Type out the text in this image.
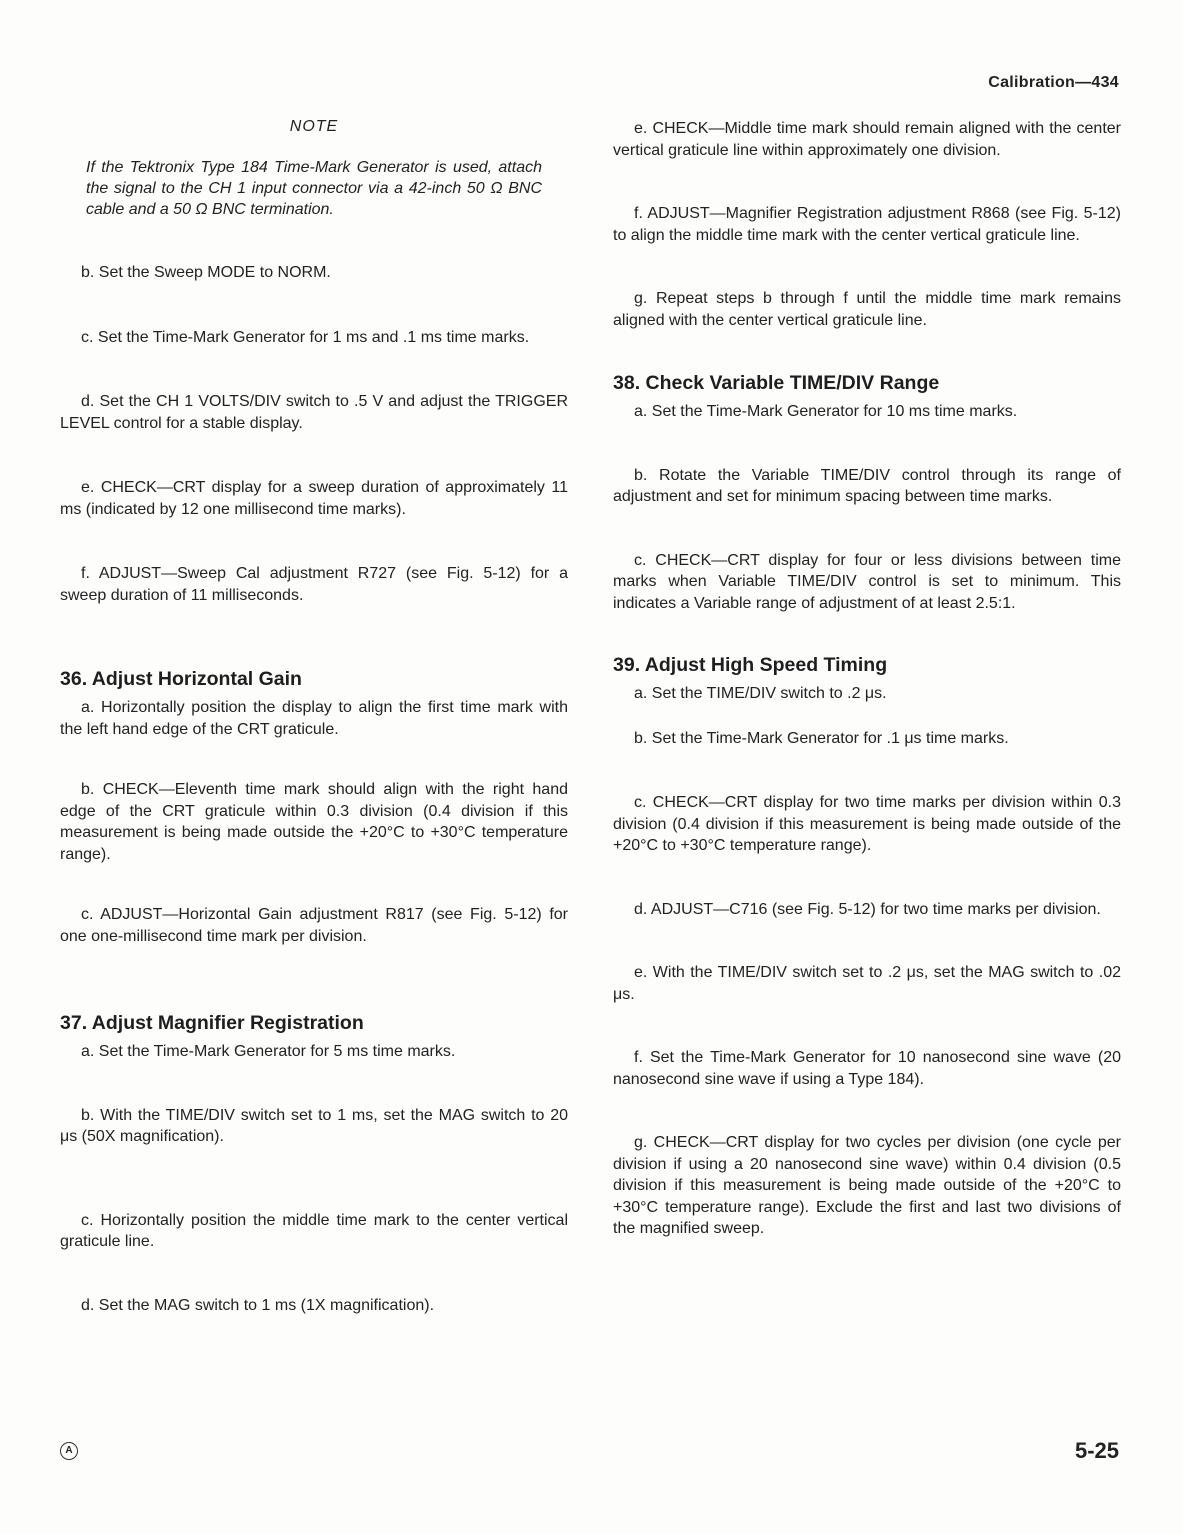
Calibration—434
NOTE

If the Tektronix Type 184 Time-Mark Generator is used, attach the signal to the CH 1 input connector via a 42-inch 50 Ω BNC cable and a 50 Ω BNC termination.

b. Set the Sweep MODE to NORM.

c. Set the Time-Mark Generator for 1 ms and .1 ms time marks.

d. Set the CH 1 VOLTS/DIV switch to .5 V and adjust the TRIGGER LEVEL control for a stable display.

e. CHECK—CRT display for a sweep duration of approximately 11 ms (indicated by 12 one millisecond time marks).

f. ADJUST—Sweep Cal adjustment R727 (see Fig. 5-12) for a sweep duration of 11 milliseconds.

36. Adjust Horizontal Gain

a. Horizontally position the display to align the first time mark with the left hand edge of the CRT graticule.

b. CHECK—Eleventh time mark should align with the right hand edge of the CRT graticule within 0.3 division (0.4 division if this measurement is being made outside the +20°C to +30°C temperature range).

c. ADJUST—Horizontal Gain adjustment R817 (see Fig. 5-12) for one one-millisecond time mark per division.

37. Adjust Magnifier Registration

a. Set the Time-Mark Generator for 5 ms time marks.

b. With the TIME/DIV switch set to 1 ms, set the MAG switch to 20 μs (50X magnification).

c. Horizontally position the middle time mark to the center vertical graticule line.

d. Set the MAG switch to 1 ms (1X magnification).

e. CHECK—Middle time mark should remain aligned with the center vertical graticule line within approximately one division.

f. ADJUST—Magnifier Registration adjustment R868 (see Fig. 5-12) to align the middle time mark with the center vertical graticule line.

g. Repeat steps b through f until the middle time mark remains aligned with the center vertical graticule line.

38. Check Variable TIME/DIV Range

a. Set the Time-Mark Generator for 10 ms time marks.

b. Rotate the Variable TIME/DIV control through its range of adjustment and set for minimum spacing between time marks.

c. CHECK—CRT display for four or less divisions between time marks when Variable TIME/DIV control is set to minimum. This indicates a Variable range of adjustment of at least 2.5:1.

39. Adjust High Speed Timing

a. Set the TIME/DIV switch to .2 μs.

b. Set the Time-Mark Generator for .1 μs time marks.

c. CHECK—CRT display for two time marks per division within 0.3 division (0.4 division if this measurement is being made outside of the +20°C to +30°C temperature range).

d. ADJUST—C716 (see Fig. 5-12) for two time marks per division.

e. With the TIME/DIV switch set to .2 μs, set the MAG switch to .02 μs.

f. Set the Time-Mark Generator for 10 nanosecond sine wave (20 nanosecond sine wave if using a Type 184).

g. CHECK—CRT display for two cycles per division (one cycle per division if using a 20 nanosecond sine wave) within 0.4 division (0.5 division if this measurement is being made outside of the +20°C to +30°C temperature range). Exclude the first and last two divisions of the magnified sweep.

A	5-25
